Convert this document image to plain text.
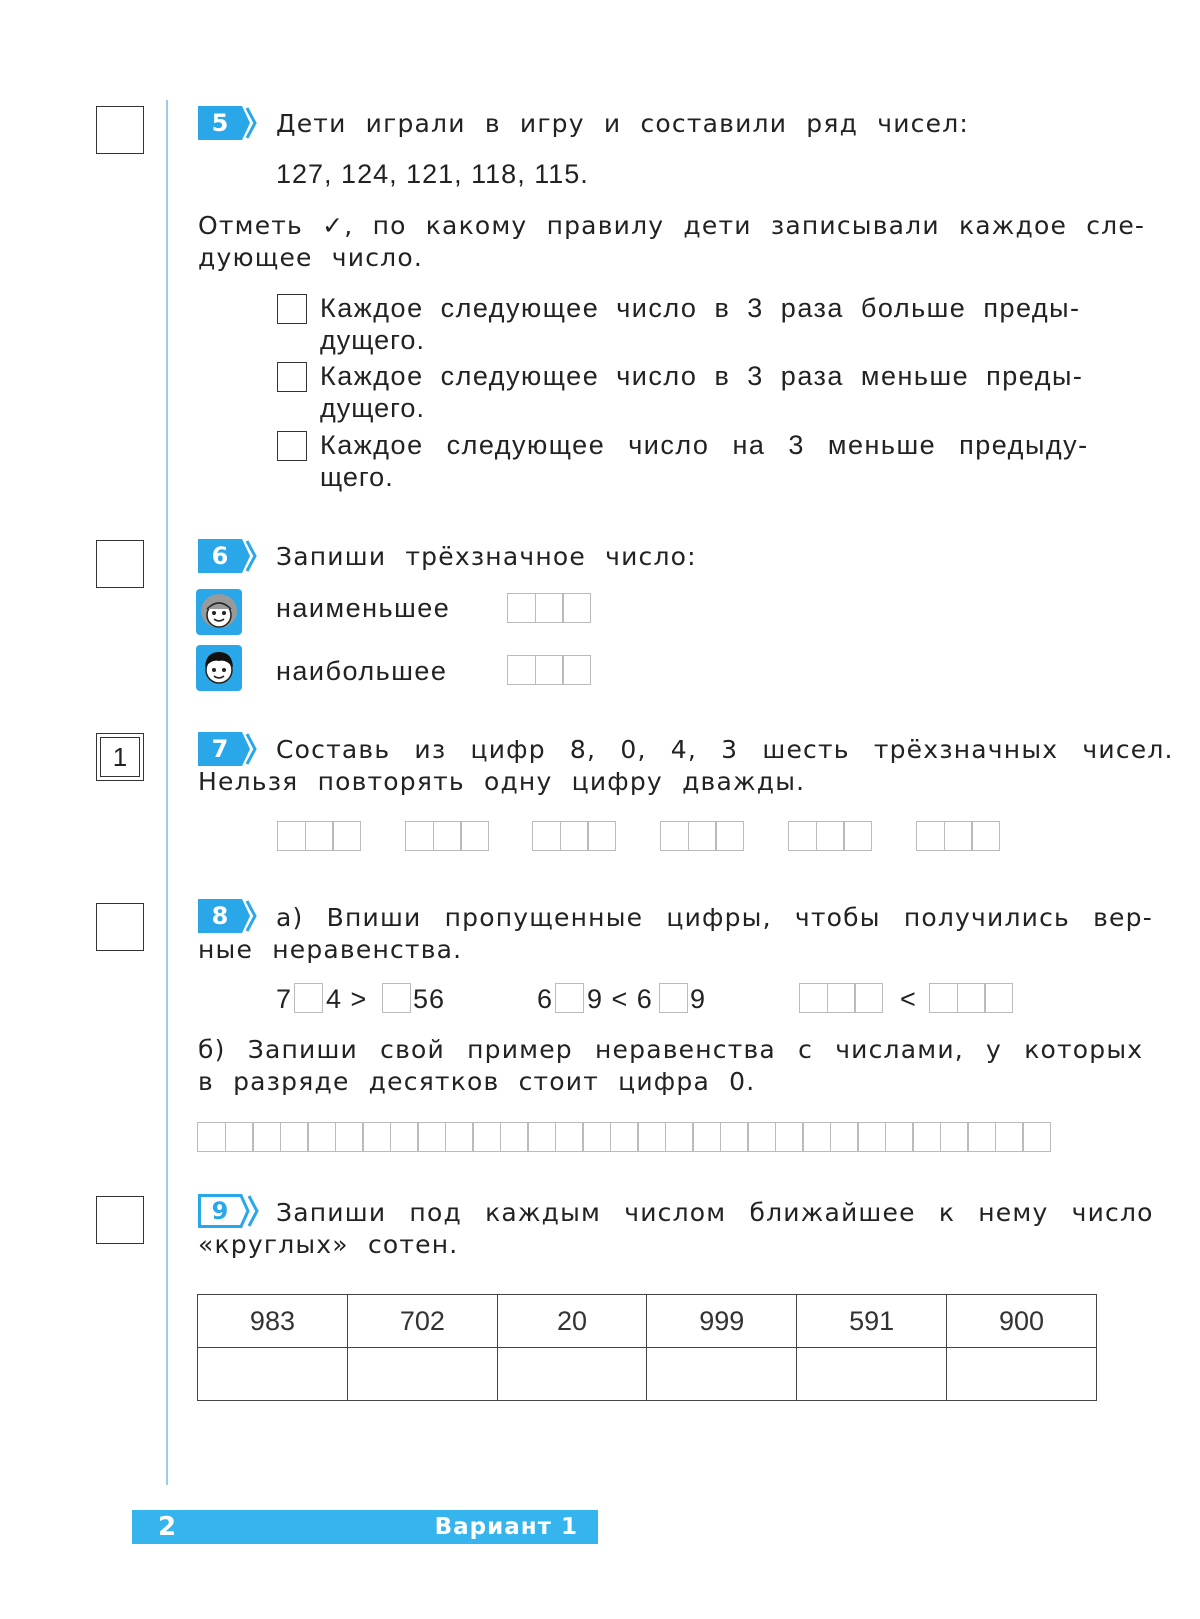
1
5	Дети играли в игру и составили ряд чисел:
127, 124, 121, 118, 115.
Отметь ✓, по какому правилу дети записывали каждое сле-
дующее число.
Каждое следующее число в 3 раза больше преды-
дущего.
Каждое следующее число в 3 раза меньше преды-
дущего.
Каждое следующее число на 3 меньше предыду-
щего.
6	Запиши трёхзначное число:
наименьшее
наибольшее
7	Составь из цифр 8, 0, 4, 3 шесть трёхзначных чисел.
Нельзя повторять одну цифру дважды.
8	а) Впиши пропущенные цифры, чтобы получились вер-
ные неравенства.
7 4 > 56	6 9 < 6 9	<
б) Запиши свой пример неравенства с числами, у которых
в разряде десятков стоит цифра 0.
9	Запиши под каждым числом ближайшее к нему число
«круглых» сотен.
983	702	20	999	591	900

2	Вариант 1
